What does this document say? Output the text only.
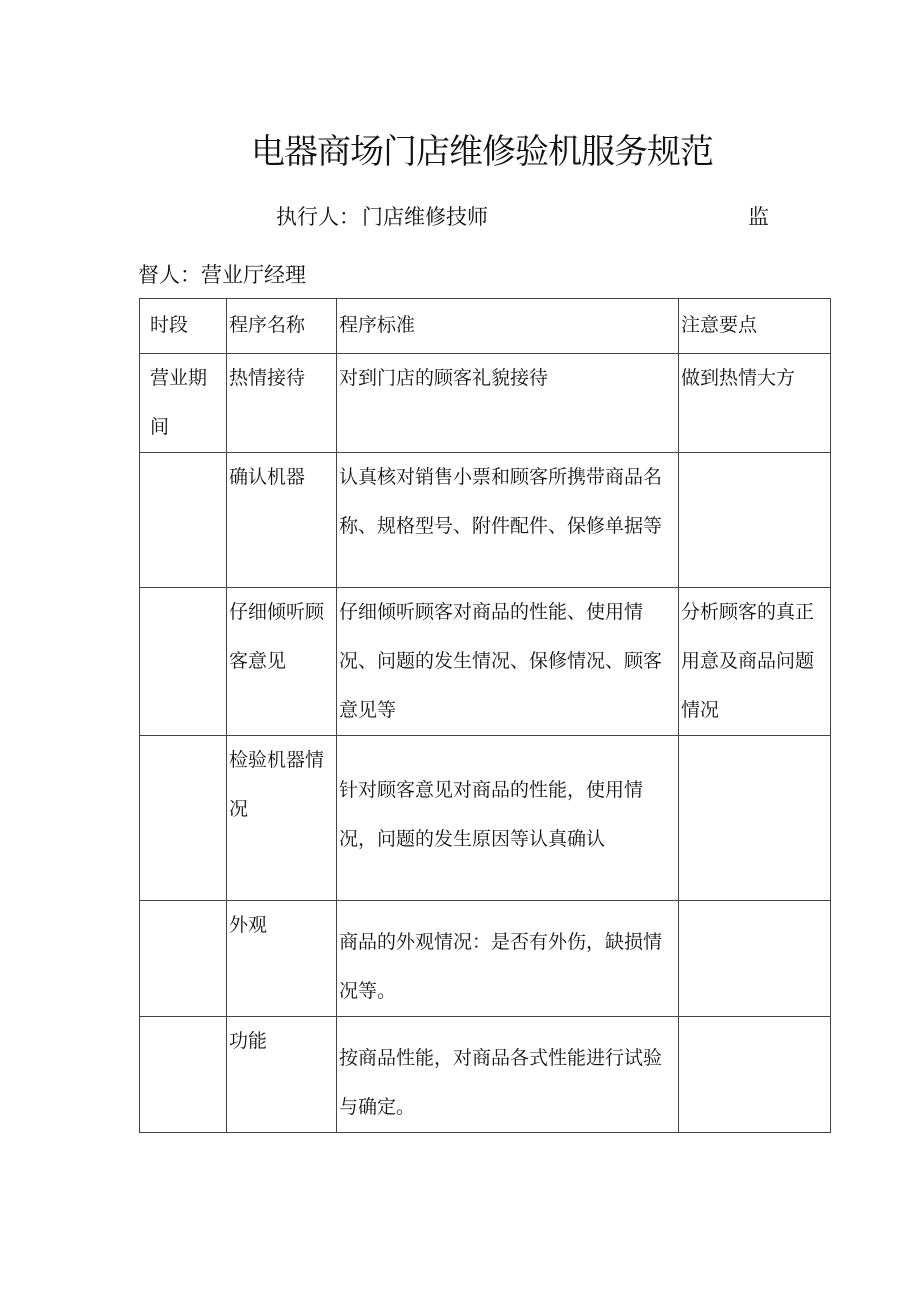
电器商场门店维修验机服务规范
执行人：门店维修技师	监
督人：营业厅经理
时段	程序名称	程序标准	注意要点
营业期间	热情接待	对到门店的顾客礼貌接待	做到热情大方
	确认机器	认真核对销售小票和顾客所携带商品名称、规格型号、附件配件、保修单据等	
	仔细倾听顾客意见	仔细倾听顾客对商品的性能、使用情况、问题的发生情况、保修情况、顾客意见等	分析顾客的真正用意及商品问题情况
	检验机器情况	针对顾客意见对商品的性能，使用情况，问题的发生原因等认真确认	
	外观	商品的外观情况：是否有外伤，缺损情况等。	
	功能	按商品性能，对商品各式性能进行试验与确定。	
